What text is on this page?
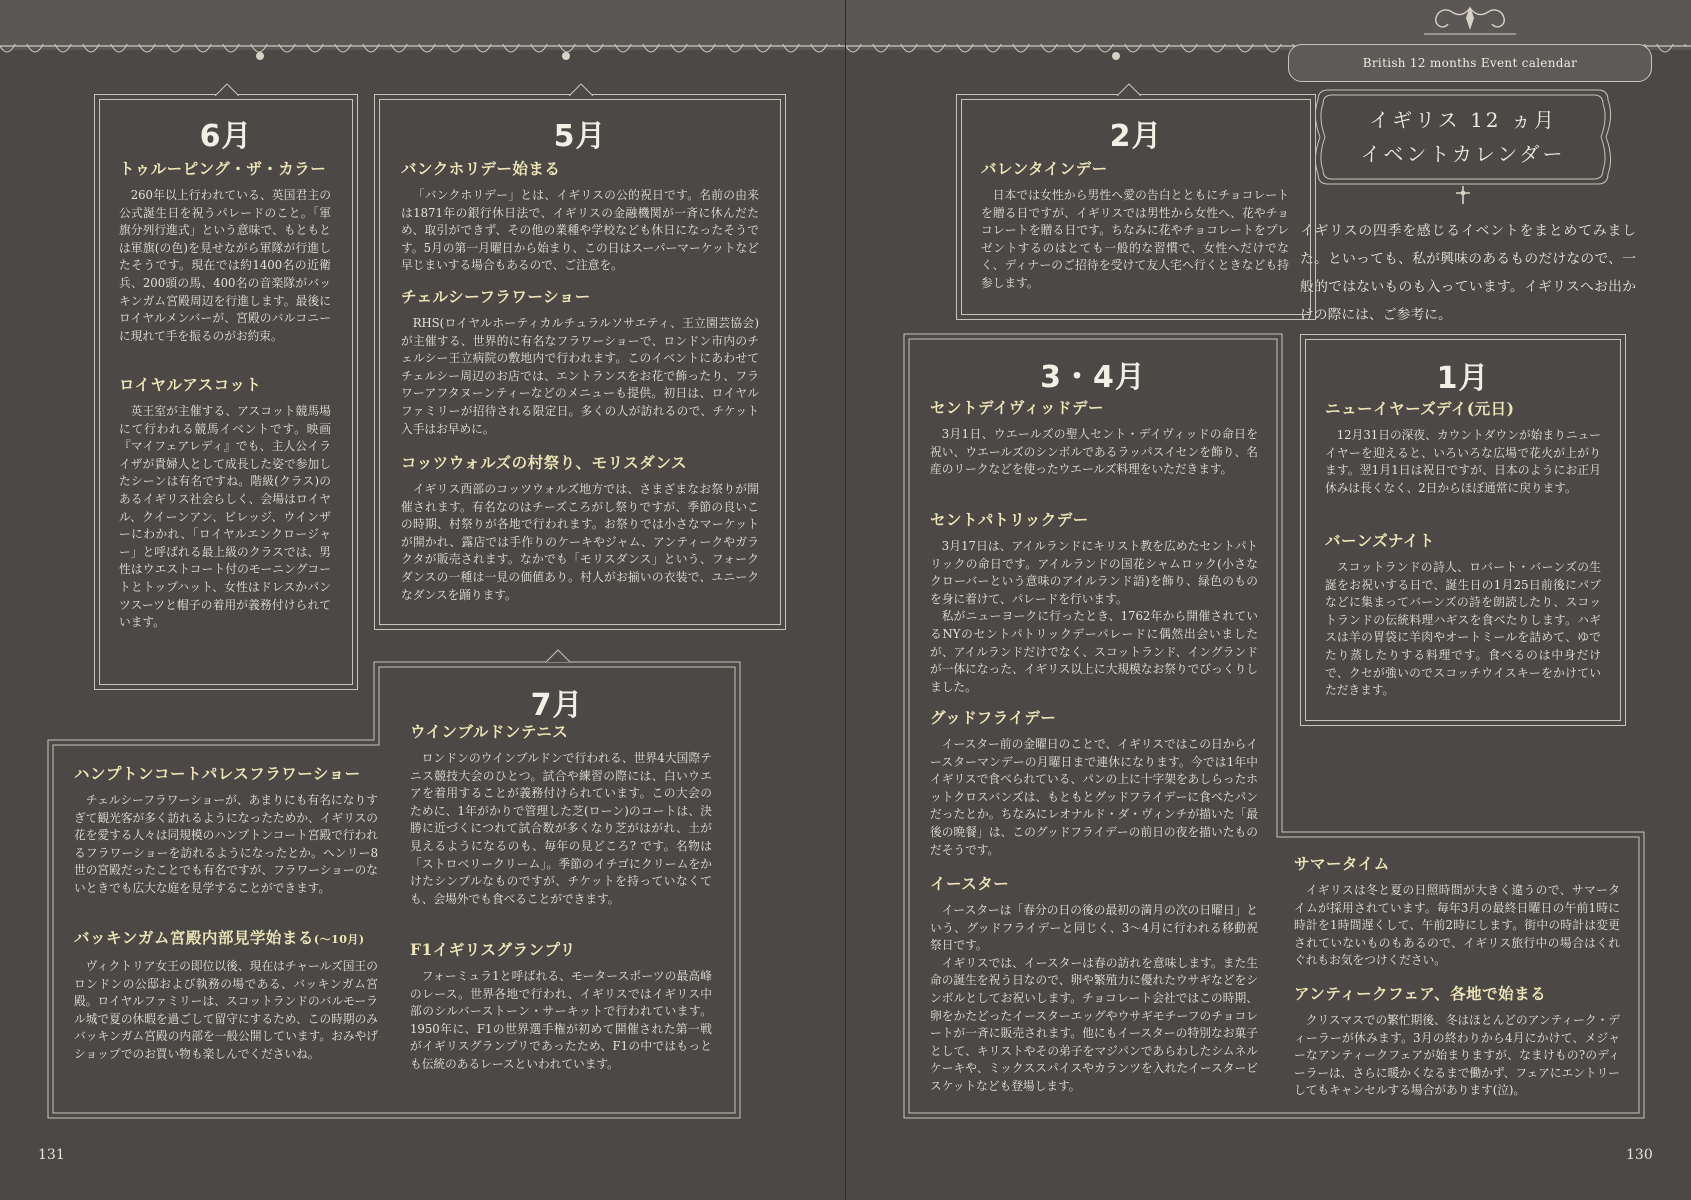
6月
トゥルーピング・ザ・カラー

260年以上行われている、英国君主の公式誕生日を祝うパレードのこと。「軍旗分列行進式」という意味で、もともとは軍旗(の色)を見せながら軍隊が行進したそうです。現在では約1400名の近衛兵、200頭の馬、400名の音楽隊がバッキンガム宮殿周辺を行進します。最後にロイヤルメンバーが、宮殿のバルコニーに現れて手を振るのがお約束。

ロイヤルアスコット

英王室が主催する、アスコット競馬場にて行われる競馬イベントです。映画『マイフェアレディ』でも、主人公イライザが貴婦人として成長した姿で参加したシーンは有名ですね。階級(クラス)のあるイギリス社会らしく、会場はロイヤル、クイーンアン、ビレッジ、ウインザーにわかれ、「ロイヤルエンクロージャー」と呼ばれる最上級のクラスでは、男性はウエストコート付のモーニングコートとトップハット、女性はドレスかパンツスーツと帽子の着用が義務付けられています。

5月
バンクホリデー始まる

「バンクホリデー」とは、イギリスの公的祝日です。名前の由来は1871年の銀行休日法で、イギリスの金融機関が一斉に休んだため、取引ができず、その他の業種や学校なども休日になったそうです。5月の第一月曜日から始まり、この日はスーパーマーケットなど早じまいする場合もあるので、ご注意を。

チェルシーフラワーショー

RHS(ロイヤルホーティカルチュラルソサエティ、王立園芸協会)が主催する、世界的に有名なフラワーショーで、ロンドン市内のチェルシー王立病院の敷地内で行われます。このイベントにあわせてチェルシー周辺のお店では、エントランスをお花で飾ったり、フラワーアフタヌーンティーなどのメニューも提供。初日は、ロイヤルファミリーが招待される限定日。多くの人が訪れるので、チケット入手はお早めに。

コッツウォルズの村祭り、モリスダンス

イギリス西部のコッツウォルズ地方では、さまざまなお祭りが開催されます。有名なのはチーズころがし祭りですが、季節の良いこの時期、村祭りが各地で行われます。お祭りでは小さなマーケットが開かれ、露店では手作りのケーキやジャム、アンティークやガラクタが販売されます。なかでも「モリスダンス」という、フォークダンスの一種は一見の価値あり。村人がお揃いの衣装で、ユニークなダンスを踊ります。

7月
ハンプトンコートパレスフラワーショー

チェルシーフラワーショーが、あまりにも有名になりすぎて観光客が多く訪れるようになったためか、イギリスの花を愛する人々は同規模のハンプトンコート宮殿で行われるフラワーショーを訪れるようになったとか。ヘンリー8世の宮殿だったことでも有名ですが、フラワーショーのないときでも広大な庭を見学することができます。

バッキンガム宮殿内部見学始まる(〜10月)

ヴィクトリア女王の即位以後、現在はチャールズ国王のロンドンの公邸および執務の場である、バッキンガム宮殿。ロイヤルファミリーは、スコットランドのバルモーラル城で夏の休暇を過ごして留守にするため、この時期のみバッキンガム宮殿の内部を一般公開しています。おみやげショップでのお買い物も楽しんでくださいね。

ウインブルドンテニス

ロンドンのウインブルドンで行われる、世界4大国際テニス競技大会のひとつ。試合や練習の際には、白いウエアを着用することが義務付けられています。この大会のために、1年がかりで管理した芝(ローン)のコートは、決勝に近づくにつれて試合数が多くなり芝がはがれ、土が見えるようになるのも、毎年の見どころ? です。名物は「ストロベリークリーム」。季節のイチゴにクリームをかけたシンプルなものですが、チケットを持っていなくても、会場外でも食べることができます。

F1イギリスグランプリ

フォーミュラ1と呼ばれる、モータースポーツの最高峰のレース。世界各地で行われ、イギリスではイギリス中部のシルバーストーン・サーキットで行われています。1950年に、F1の世界選手権が初めて開催された第一戦がイギリスグランプリであったため、F1の中ではもっとも伝統のあるレースといわれています。

131
British 12 months Event calendar
イギリス 12 ヵ月
イベントカレンダー
イギリスの四季を感じるイベントをまとめてみました。といっても、私が興味のあるものだけなので、一般的ではないものも入っています。イギリスへお出かけの際には、ご参考に。
2月
バレンタインデー

日本では女性から男性へ愛の告白とともにチョコレートを贈る日ですが、イギリスでは男性から女性へ、花やチョコレートを贈る日です。ちなみに花やチョコレートをプレゼントするのはとても一般的な習慣で、女性へだけでなく、ディナーのご招待を受けて友人宅へ行くときなども持参します。

3・4月
セントデイヴィッドデー

3月1日、ウエールズの聖人セント・デイヴィッドの命日を祝い、ウエールズのシンボルであるラッパスイセンを飾り、名産のリークなどを使ったウエールズ料理をいただきます。

セントパトリックデー

3月17日は、アイルランドにキリスト教を広めたセントパトリックの命日です。アイルランドの国花シャムロック(小さなクローバーという意味のアイルランド語)を飾り、緑色のものを身に着けて、パレードを行います。

私がニューヨークに行ったとき、1762年から開催されているNYのセントパトリックデーパレードに偶然出会いましたが、アイルランドだけでなく、スコットランド、イングランドが一体になった、イギリス以上に大規模なお祭りでびっくりしました。

グッドフライデー

イースター前の金曜日のことで、イギリスではこの日からイースターマンデーの月曜日まで連休になります。今では1年中イギリスで食べられている、パンの上に十字架をあしらったホットクロスバンズは、もともとグッドフライデーに食べたパンだったとか。ちなみにレオナルド・ダ・ヴィンチが描いた「最後の晩餐」は、このグッドフライデーの前日の夜を描いたものだそうです。

イースター

イースターは「春分の日の後の最初の満月の次の日曜日」という、グッドフライデーと同じく、3〜4月に行われる移動祝祭日です。

イギリスでは、イースターは春の訪れを意味します。また生命の誕生を祝う日なので、卵や繁殖力に優れたウサギなどをシンボルとしてお祝いします。チョコレート会社ではこの時期、卵をかたどったイースターエッグやウサギモチーフのチョコレートが一斉に販売されます。他にもイースターの特別なお菓子として、キリストやその弟子をマジパンであらわしたシムネルケーキや、ミックススパイスやカランツを入れたイースタービスケットなども登場します。

サマータイム

イギリスは冬と夏の日照時間が大きく違うので、サマータイムが採用されています。毎年3月の最終日曜日の午前1時に時計を1時間遅くして、午前2時にします。街中の時計は変更されていないものもあるので、イギリス旅行中の場合はくれぐれもお気をつけください。

アンティークフェア、各地で始まる

クリスマスでの繁忙期後、冬はほとんどのアンティーク・ディーラーが休みます。3月の終わりから4月にかけて、メジャーなアンティークフェアが始まりますが、なまけもの?のディーラーは、さらに暖かくなるまで働かず、フェアにエントリーしてもキャンセルする場合があります(泣)。

1月
ニューイヤーズデイ(元日)

12月31日の深夜、カウントダウンが始まりニューイヤーを迎えると、いろいろな広場で花火が上がります。翌1月1日は祝日ですが、日本のようにお正月休みは長くなく、2日からほぼ通常に戻ります。

バーンズナイト

スコットランドの詩人、ロバート・バーンズの生誕をお祝いする日で、誕生日の1月25日前後にパブなどに集まってバーンズの詩を朗読したり、スコットランドの伝統料理ハギスを食べたりします。ハギスは羊の胃袋に羊肉やオートミールを詰めて、ゆでたり蒸したりする料理です。食べるのは中身だけで、クセが強いのでスコッチウイスキーをかけていただきます。

130
